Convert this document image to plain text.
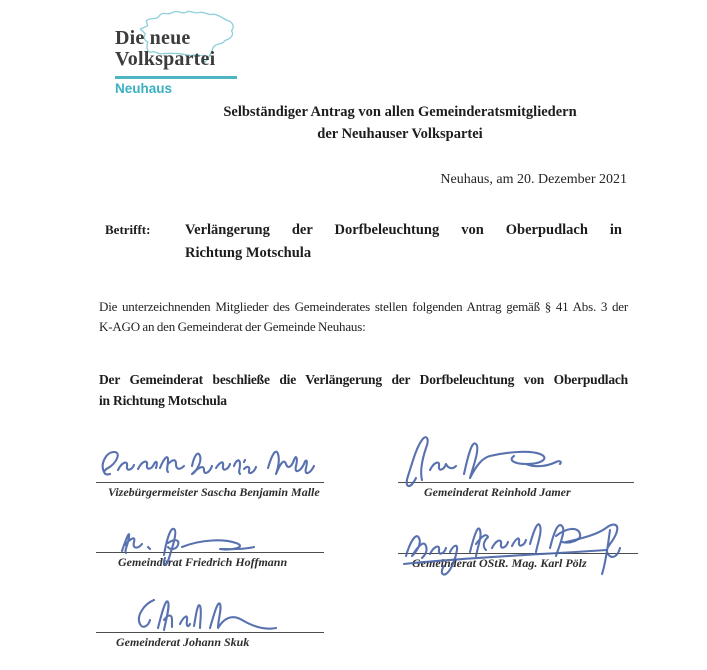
Die neue
Volkspartei
Neuhaus
Selbständiger Antrag von allen Gemeinderatsmitgliedern
der Neuhauser Volkspartei
Neuhaus, am 20. Dezember 2021
Betrifft: Verlängerung der Dorfbeleuchtung von Oberpudlach in
Richtung Motschula
Die unterzeichnenden Mitglieder des Gemeinderates stellen folgenden Antrag gemäß § 41 Abs. 3 der
K-AGO an den Gemeinderat der Gemeinde Neuhaus:
Der Gemeinderat beschließe die Verlängerung der Dorfbeleuchtung von Oberpudlach
in Richtung Motschula
Vizebürgermeister Sascha Benjamin Malle	Gemeinderat Reinhold Jamer
Gemeinderat Friedrich Hoffmann	Gemeinderat OStR. Mag. Karl Pölz
Gemeinderat Johann Skuk
